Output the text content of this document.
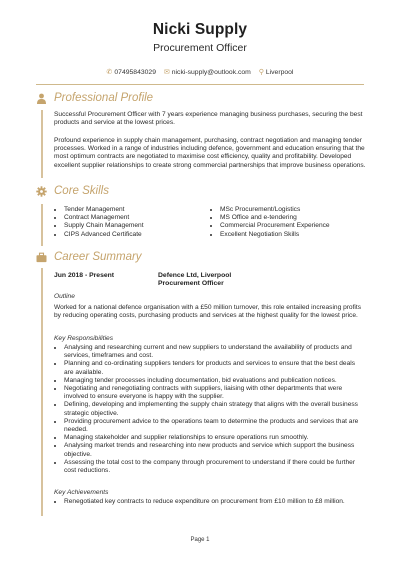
Nicki Supply
Procurement Officer
✆ 07495843029 ✉ nicki-supply@outlook.com ⚲ Liverpool
Professional Profile
Successful Procurement Officer with 7 years experience managing business purchases, securing the best products and service at the lowest prices.
Profound experience in supply chain management, purchasing, contract negotiation and managing tender processes. Worked in a range of industries including defence, government and education ensuring that the most optimum contracts are negotiated to maximise cost efficiency, quality and profitability. Developed excellent supplier relationships to create strong commercial partnerships that improve business operations.
Core Skills
• Tender Management
• Contract Management
• Supply Chain Management
• CIPS Advanced Certificate
• MSc Procurement/Logistics
• MS Office and e-tendering
• Commercial Procurement Experience
• Excellent Negotiation Skills
Career Summary
Jun 2018 - Present	Defence Ltd, Liverpool
Procurement Officer
Outline
Worked for a national defence organisation with a £50 million turnover, this role entailed increasing profits by reducing operating costs, purchasing products and services at the highest quality for the lowest price.
Key Responsibilities
• Analysing and researching current and new suppliers to understand the availability of products and services, timeframes and cost.
• Planning and co-ordinating suppliers tenders for products and services to ensure that the best deals are available.
• Managing tender processes including documentation, bid evaluations and publication notices.
• Negotiating and renegotiating contracts with suppliers, liaising with other departments that were involved to ensure everyone is happy with the supplier.
• Defining, developing and implementing the supply chain strategy that aligns with the overall business strategic objective.
• Providing procurement advice to the operations team to determine the products and services that are needed.
• Managing stakeholder and supplier relationships to ensure operations run smoothly.
• Analysing market trends and researching into new products and service which support the business objective.
• Assessing the total cost to the company through procurement to understand if there could be further cost reductions.
Key Achievements
• Renegotiated key contracts to reduce expenditure on procurement from £10 million to £8 million.
Page 1
